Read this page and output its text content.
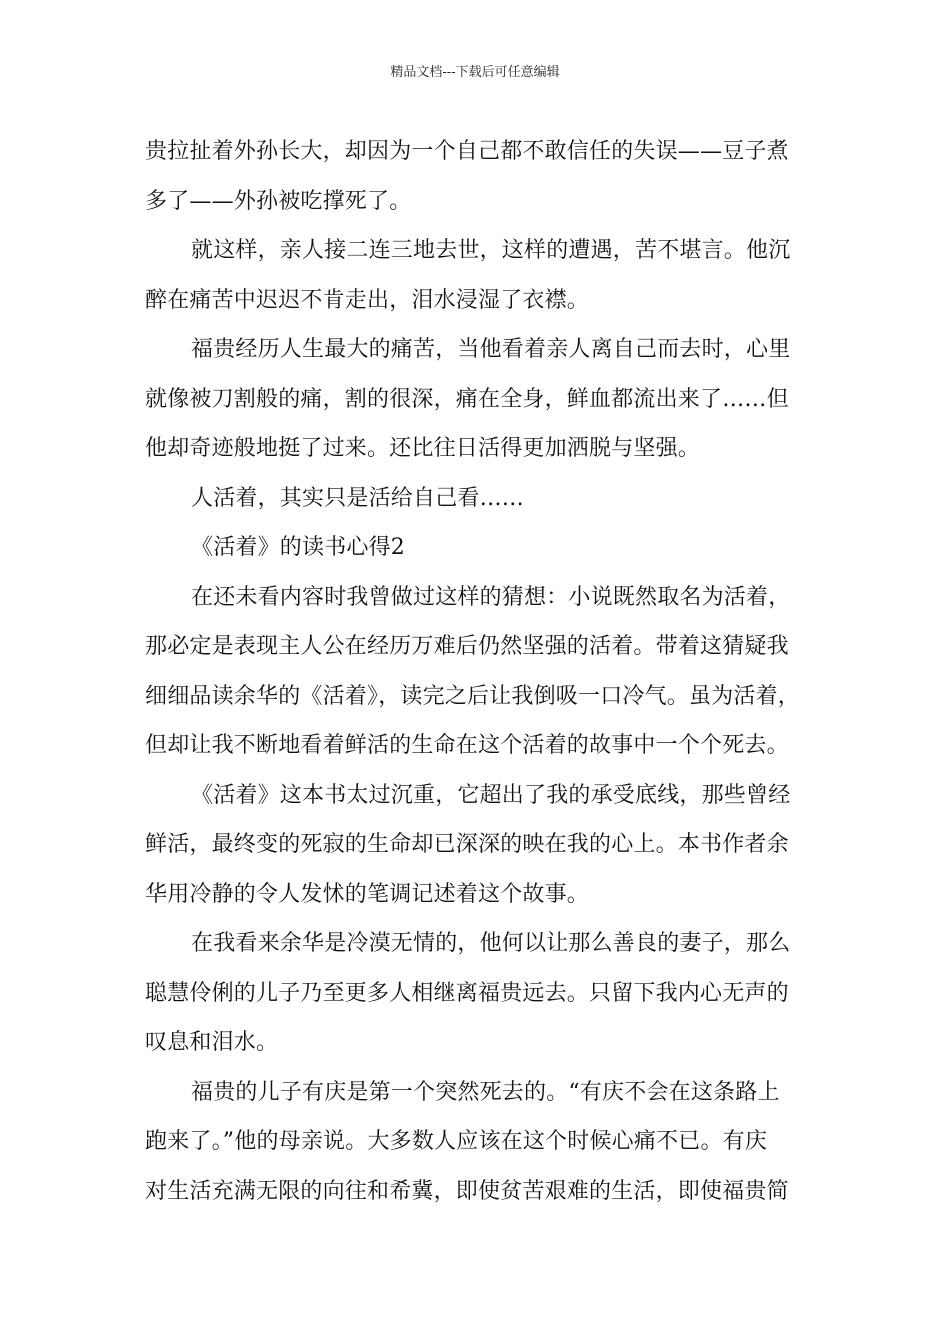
精品文档---下载后可任意编辑
贵拉扯着外孙长大，却因为一个自己都不敢信任的失误——豆子煮
多了——外孙被吃撑死了。
就这样，亲人接二连三地去世，这样的遭遇，苦不堪言。他沉
醉在痛苦中迟迟不肯走出，泪水浸湿了衣襟。
福贵经历人生最大的痛苦，当他看着亲人离自己而去时，心里
就像被刀割般的痛，割的很深，痛在全身，鲜血都流出来了……但
他却奇迹般地挺了过来。还比往日活得更加洒脱与坚强。
人活着，其实只是活给自己看……
《活着》的读书心得2
在还未看内容时我曾做过这样的猜想：小说既然取名为活着，
那必定是表现主人公在经历万难后仍然坚强的活着。带着这猜疑我
细细品读余华的《活着》，读完之后让我倒吸一口冷气。虽为活着，
但却让我不断地看着鲜活的生命在这个活着的故事中一个个死去。
《活着》这本书太过沉重，它超出了我的承受底线，那些曾经
鲜活，最终变的死寂的生命却已深深的映在我的心上。本书作者余
华用冷静的令人发怵的笔调记述着这个故事。
在我看来余华是冷漠无情的，他何以让那么善良的妻子，那么
聪慧伶俐的儿子乃至更多人相继离福贵远去。只留下我内心无声的
叹息和泪水。
福贵的儿子有庆是第一个突然死去的。“有庆不会在这条路上
跑来了。”他的母亲说。大多数人应该在这个时候心痛不已。有庆
对生活充满无限的向往和希冀，即使贫苦艰难的生活，即使福贵简
